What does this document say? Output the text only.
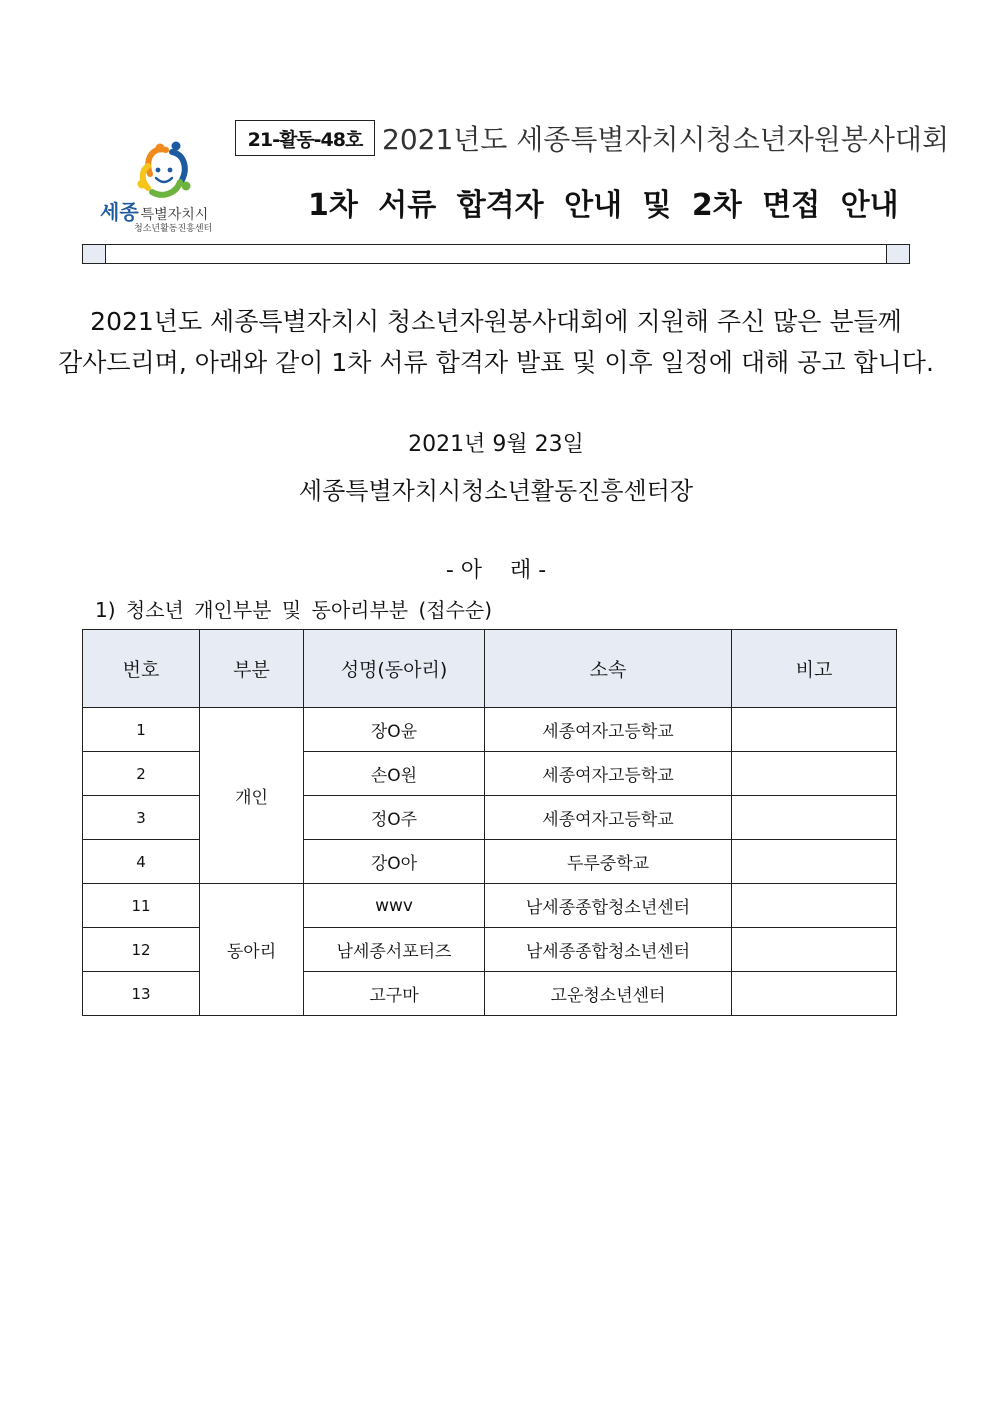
21-활동-48호 2021년도 세종특별자치시청소년자원봉사대회
1차 서류 합격자 안내 및 2차 면접 안내
세종 특별자치시
청소년활동진흥센터
2021년도 세종특별자치시 청소년자원봉사대회에 지원해 주신 많은 분들께
감사드리며, 아래와 같이 1차 서류 합격자 발표 및 이후 일정에 대해 공고 합니다.
2021년 9월 23일
세종특별자치시청소년활동진흥센터장
- 아    래 -
1) 청소년 개인부분 및 동아리부분 (접수순)
번호	부분	성명(동아리)	소속	비고
1	개인	장O윤	세종여자고등학교	
2		손O원	세종여자고등학교	
3		정O주	세종여자고등학교	
4		강O아	두루중학교	
11	동아리	wwv	남세종종합청소년센터	
12		남세종서포터즈	남세종종합청소년센터	
13		고구마	고운청소년센터	
